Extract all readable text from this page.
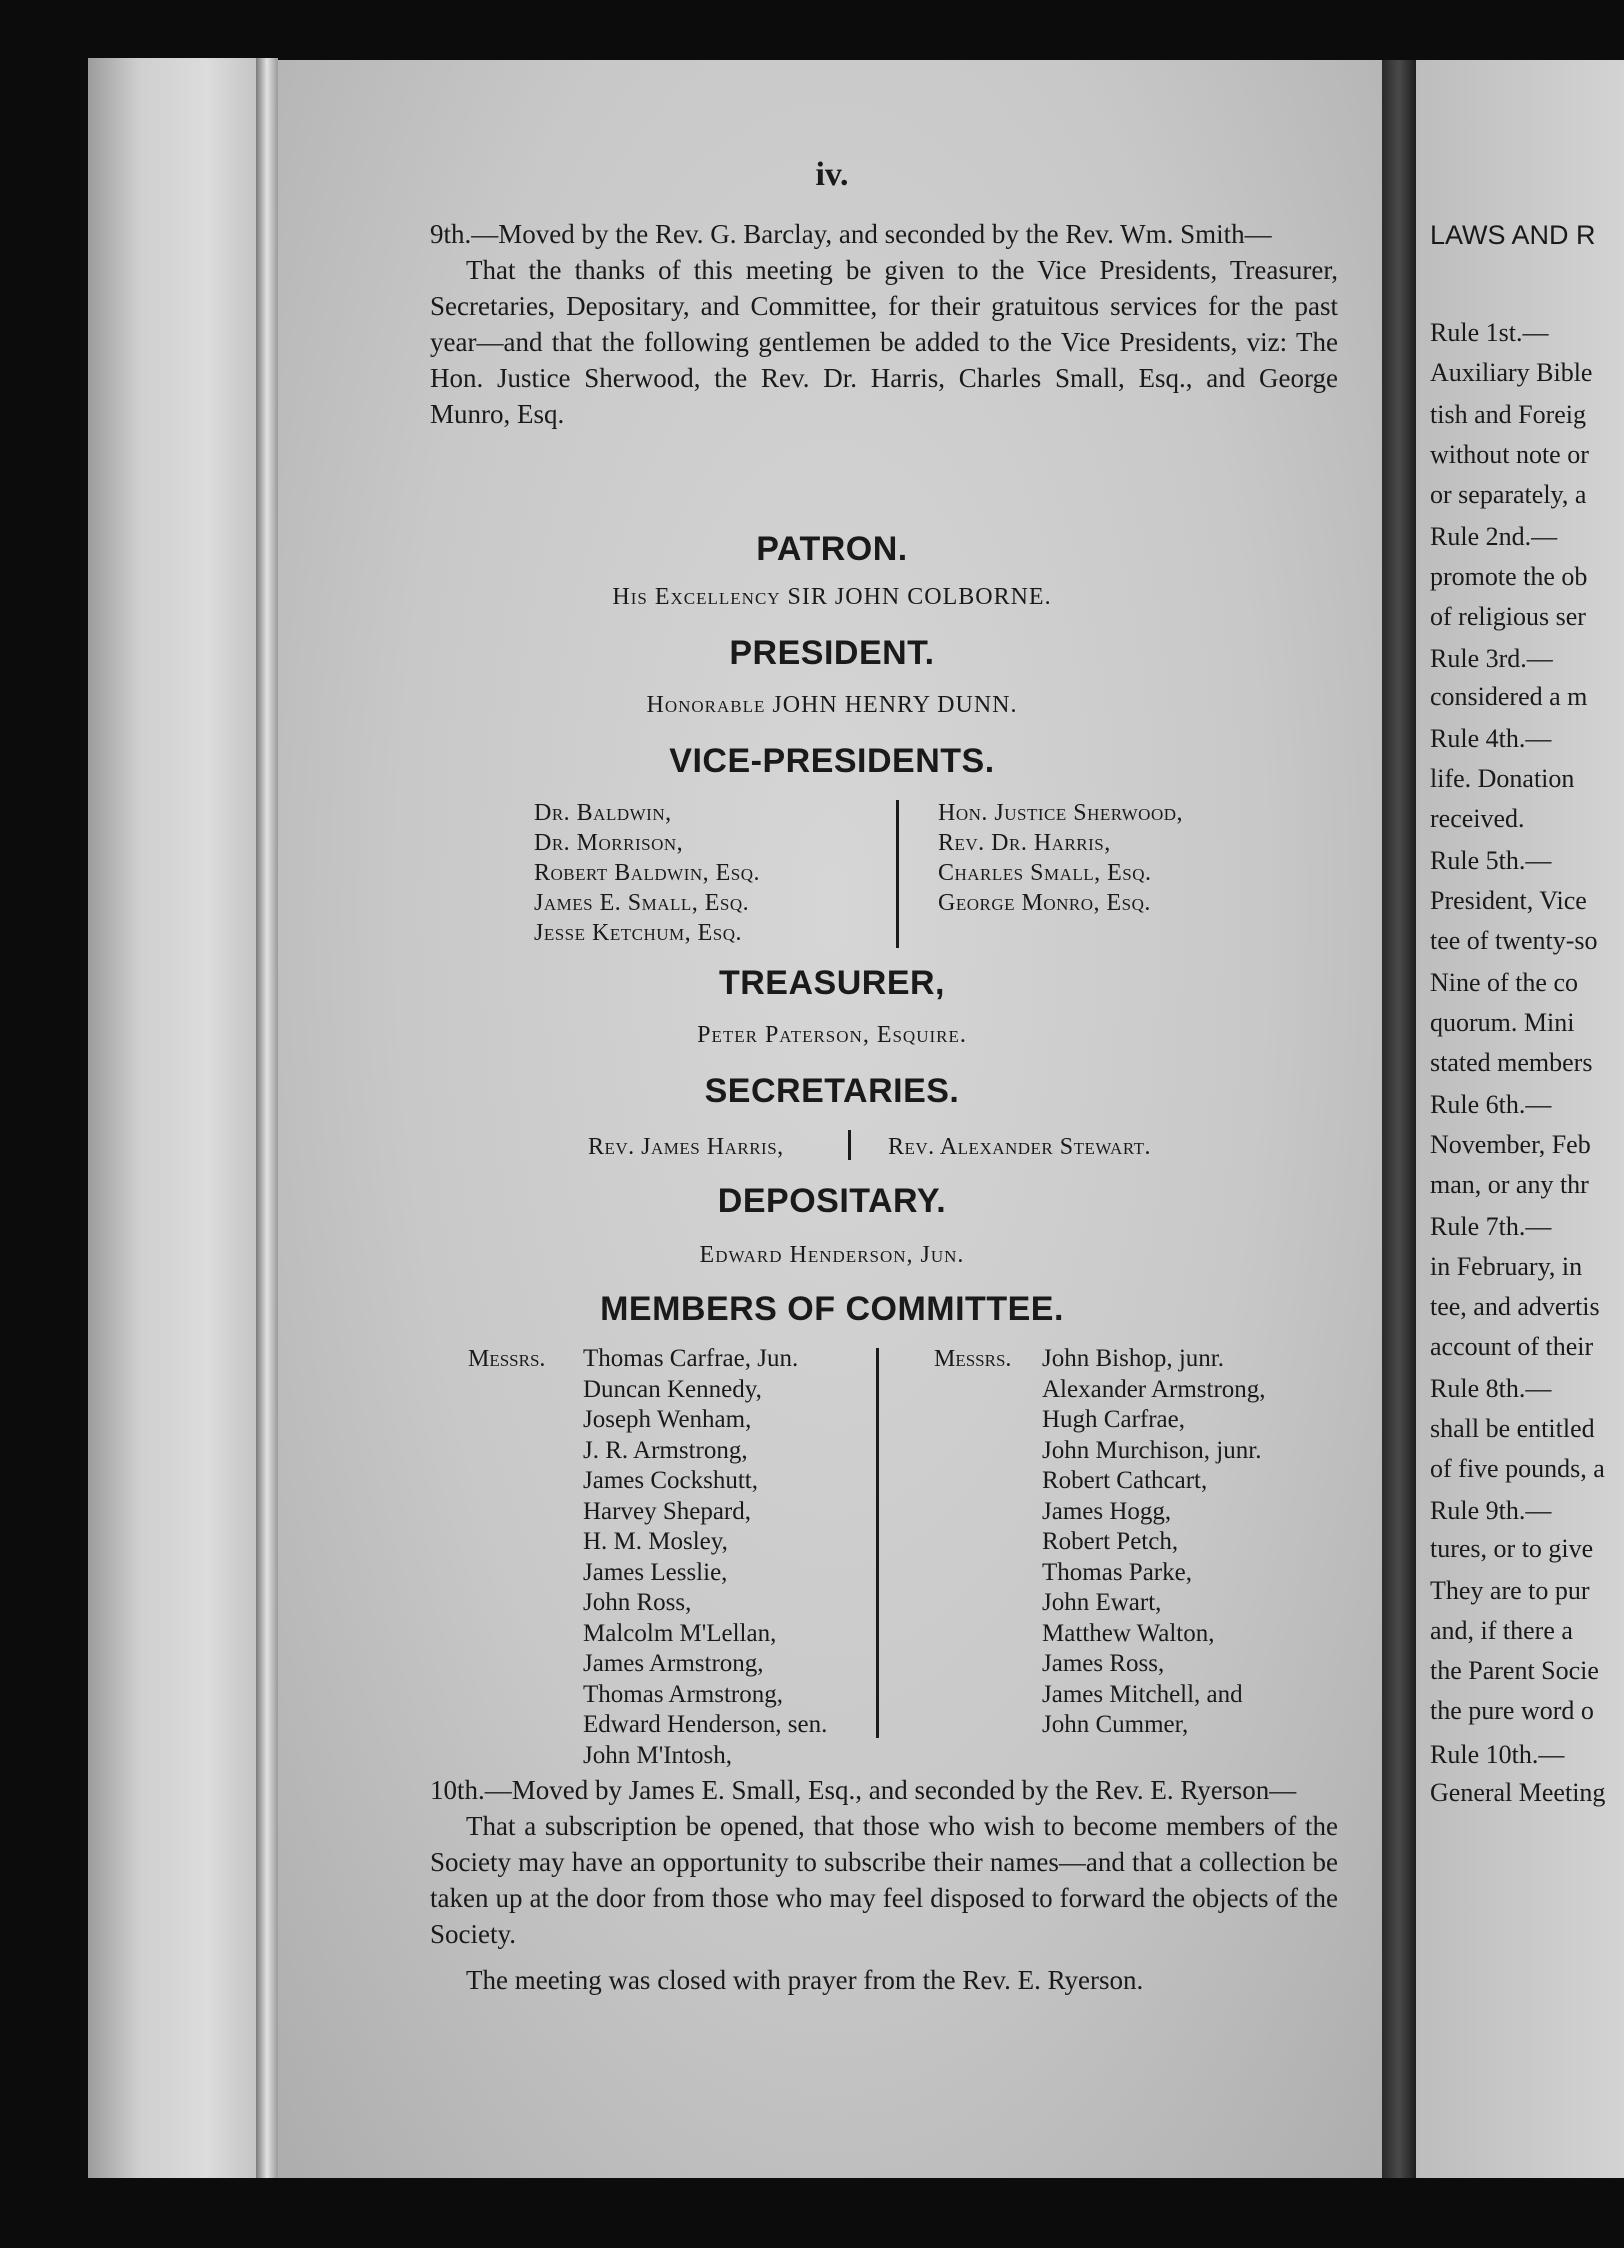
iv.
9th.—Moved by the Rev. G. Barclay, and seconded by the Rev. Wm. Smith—
That the thanks of this meeting be given to the Vice Presidents, Treasurer, Secretaries, Depositary, and Committee, for their gratuitous services for the past year—and that the following gentlemen be added to the Vice Presidents, viz: The Hon. Justice Sherwood, the Rev. Dr. Harris, Charles Small, Esq., and George Munro, Esq.
PATRON.
His Excellency SIR JOHN COLBORNE.
PRESIDENT.
Honorable JOHN HENRY DUNN.
VICE-PRESIDENTS.
Dr. Baldwin,
Dr. Morrison,
Robert Baldwin, Esq.
James E. Small, Esq.
Jesse Ketchum, Esq.
Hon. Justice Sherwood,
Rev. Dr. Harris,
Charles Small, Esq.
George Monro, Esq.
TREASURER,
Peter Paterson, Esquire.
SECRETARIES.
Rev. James Harris,	Rev. Alexander Stewart.
DEPOSITARY.
Edward Henderson, Jun.
MEMBERS OF COMMITTEE.
Messrs. Thomas Carfrae, Jun.
Duncan Kennedy,
Joseph Wenham,
J. R. Armstrong,
James Cockshutt,
Harvey Shepard,
H. M. Mosley,
James Lesslie,
John Ross,
Malcolm M'Lellan,
James Armstrong,
Thomas Armstrong,
Edward Henderson, sen.
John M'Intosh,
Messrs. John Bishop, junr.
Alexander Armstrong,
Hugh Carfrae,
John Murchison, junr.
Robert Cathcart,
James Hogg,
Robert Petch,
Thomas Parke,
John Ewart,
Matthew Walton,
James Ross,
James Mitchell, and
John Cummer,
10th.—Moved by James E. Small, Esq., and seconded by the Rev. E. Ryerson—
That a subscription be opened, that those who wish to become members of the Society may have an opportunity to subscribe their names—and that a collection be taken up at the door from those who may feel disposed to forward the objects of the Society.
The meeting was closed with prayer from the Rev. E. Ryerson.
LAWS AND R
Rule 1st.—
Auxiliary Bible
tish and Foreig
without note or
or separately, a
Rule 2nd.—
promote the ob
of religious ser
Rule 3rd.—
considered a m
Rule 4th.—
life. Donation
received.
Rule 5th.—
President, Vice
tee of twenty-so
Nine of the co
quorum. Mini
stated members
Rule 6th.—
November, Feb
man, or any thr
Rule 7th.—
in February, in
tee, and advertis
account of their
Rule 8th.—
shall be entitled
of five pounds, a
Rule 9th.—
tures, or to give
They are to pur
and, if there a
the Parent Socie
the pure word o
Rule 10th.—
General Meeting
